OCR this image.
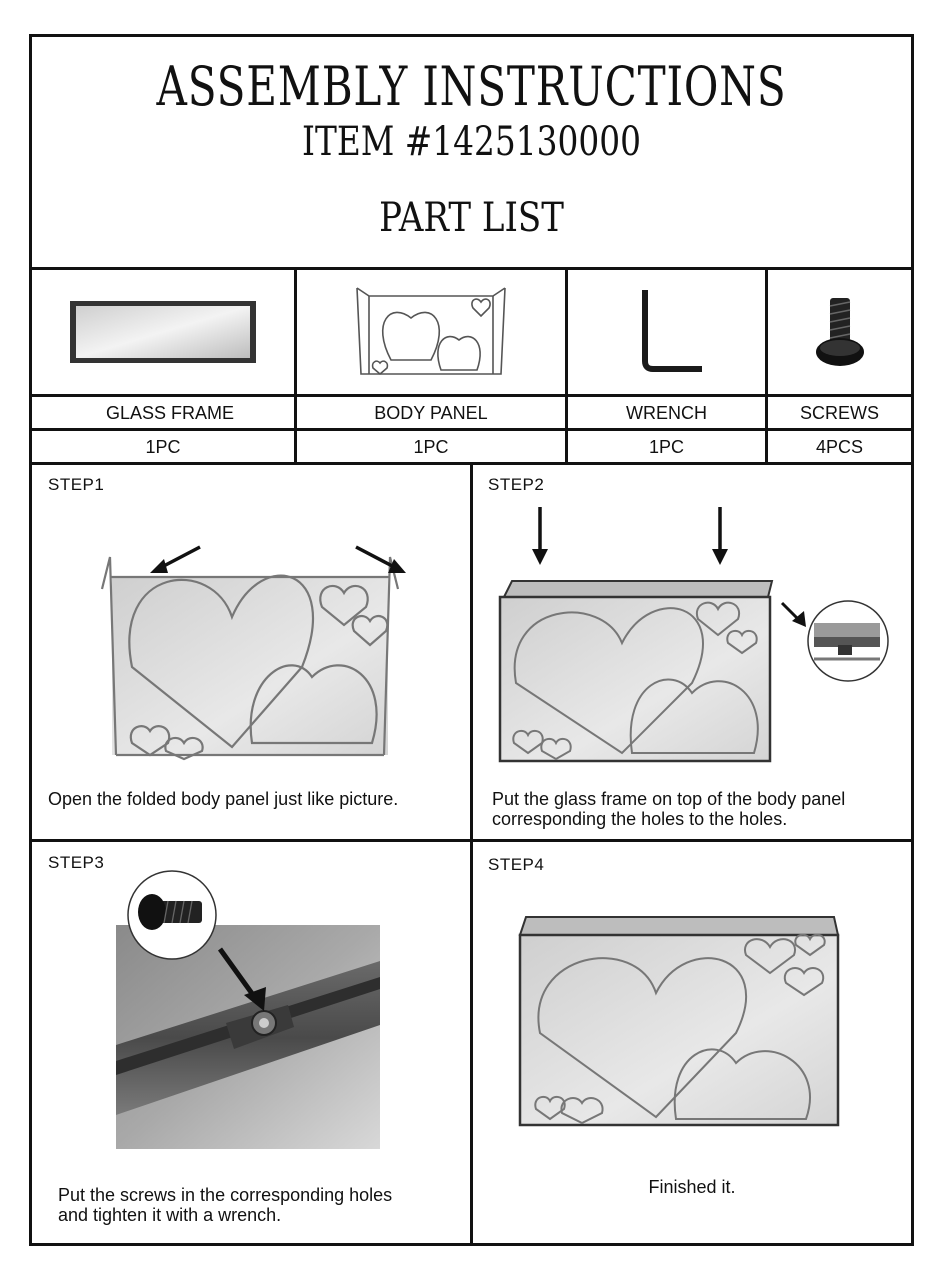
ASSEMBLY INSTRUCTIONS
ITEM #1425130000
PART LIST
GLASS FRAME	BODY PANEL	WRENCH	SCREWS
1PC	1PC	1PC	4PCS
STEP1
Open the folded body panel just like picture.
STEP2
Put the glass frame on top of the body panel
corresponding the holes to the holes.
STEP3
Put the screws in the corresponding holes
and tighten it with a wrench.
STEP4
Finished it.
